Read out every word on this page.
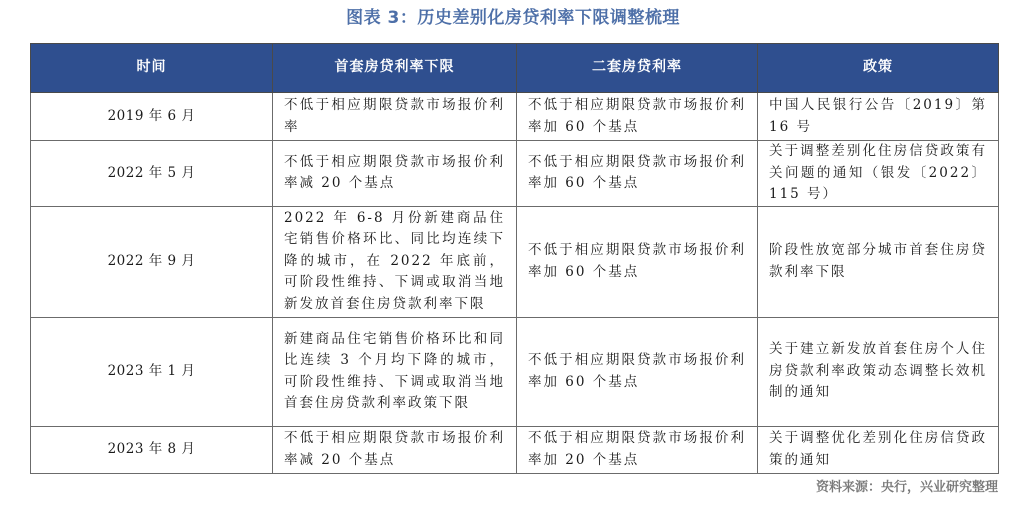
图表 3：历史差别化房贷利率下限调整梳理
时间	首套房贷利率下限	二套房贷利率	政策
2019 年 6 月	不低于相应期限贷款市场报价利率	不低于相应期限贷款市场报价利率加 60 个基点	中国人民银行公告〔2019〕第 16 号
2022 年 5 月	不低于相应期限贷款市场报价利率减 20 个基点	不低于相应期限贷款市场报价利率加 60 个基点	关于调整差别化住房信贷政策有关问题的通知（银发〔2022〕115 号）
2022 年 9 月	2022 年 6-8 月份新建商品住宅销售价格环比、同比均连续下降的城市，在 2022 年底前，可阶段性维持、下调或取消当地新发放首套住房贷款利率下限	不低于相应期限贷款市场报价利率加 60 个基点	阶段性放宽部分城市首套住房贷款利率下限
2023 年 1 月	新建商品住宅销售价格环比和同比连续 3 个月均下降的城市，可阶段性维持、下调或取消当地首套住房贷款利率政策下限	不低于相应期限贷款市场报价利率加 60 个基点	关于建立新发放首套住房个人住房贷款利率政策动态调整长效机制的通知
2023 年 8 月	不低于相应期限贷款市场报价利率减 20 个基点	不低于相应期限贷款市场报价利率加 20 个基点	关于调整优化差别化住房信贷政策的通知
资料来源：央行，兴业研究整理
